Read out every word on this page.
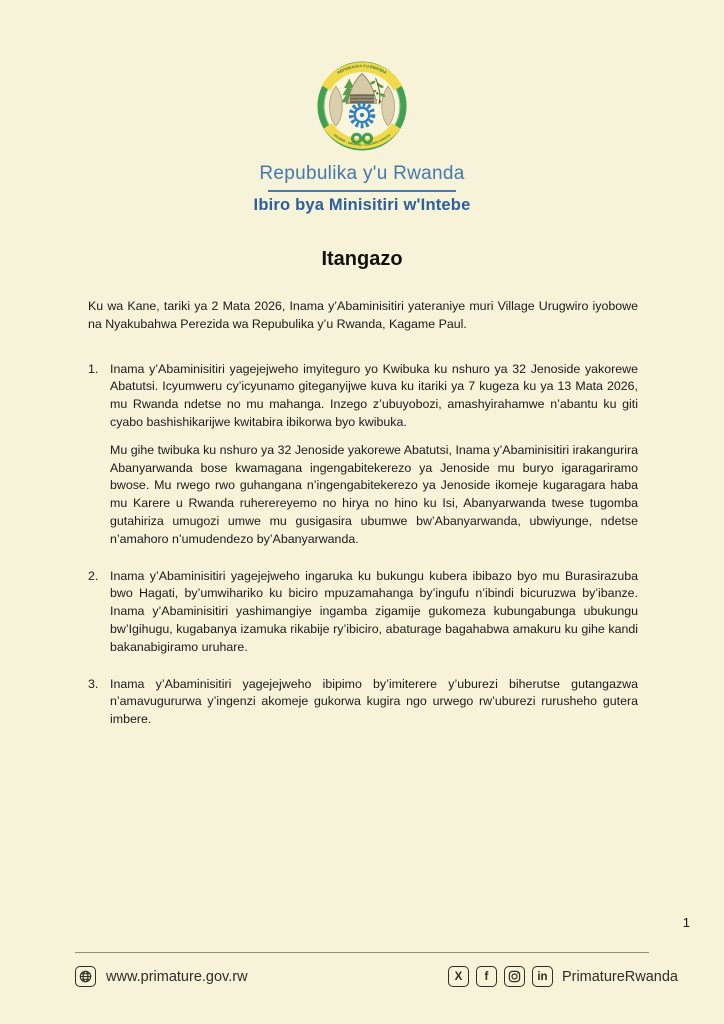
REPUBULIKA Y'U RWANDA
UBUMWE - UMURIMO - GUKUNDA IGIHUGU
Repubulika y'u Rwanda
Ibiro bya Minisitiri w'Intebe
Itangazo

Ku wa Kane, tariki ya 2 Mata 2026, Inama y’Abaminisitiri yateraniye muri Village Urugwiro iyobowe na Nyakubahwa Perezida wa Repubulika y’u Rwanda, Kagame Paul.

1. Inama y’Abaminisitiri yagejejweho imyiteguro yo Kwibuka ku nshuro ya 32 Jenoside yakorewe Abatutsi. Icyumweru cy’icyunamo giteganyijwe kuva ku itariki ya 7 kugeza ku ya 13 Mata 2026, mu Rwanda ndetse no mu mahanga. Inzego z’ubuyobozi, amashyirahamwe n’abantu ku giti cyabo bashishikarijwe kwitabira ibikorwa byo kwibuka.

Mu gihe twibuka ku nshuro ya 32 Jenoside yakorewe Abatutsi, Inama y’Abaminisitiri irakangurira Abanyarwanda bose kwamagana ingengabitekerezo ya Jenoside mu buryo igaragariramo bwose. Mu rwego rwo guhangana n’ingengabitekerezo ya Jenoside ikomeje kugaragara haba mu Karere u Rwanda ruherereyemo no hirya no hino ku Isi, Abanyarwanda twese tugomba gutahiriza umugozi umwe mu gusigasira ubumwe bw’Abanyarwanda, ubwiyunge, ndetse n’amahoro n’umudendezo by’Abanyarwanda.

2. Inama y’Abaminisitiri yagejejweho ingaruka ku bukungu kubera ibibazo byo mu Burasirazuba bwo Hagati, by’umwihariko ku biciro mpuzamahanga by’ingufu n’ibindi bicuruzwa by’ibanze. Inama y’Abaminisitiri yashimangiye ingamba zigamije gukomeza kubungabunga ubukungu bw’Igihugu, kugabanya izamuka rikabije ry’ibiciro, abaturage bagahabwa amakuru ku gihe kandi bakanabigiramo uruhare.

3. Inama y’Abaminisitiri yagejejweho ibipimo by’imiterere y’uburezi biherutse gutangazwa n’amavugururwa y’ingenzi akomeje gukorwa kugira ngo urwego rw’uburezi rurusheho gutera imbere.

1
www.primature.gov.rw	X	f	in PrimatureRwanda
